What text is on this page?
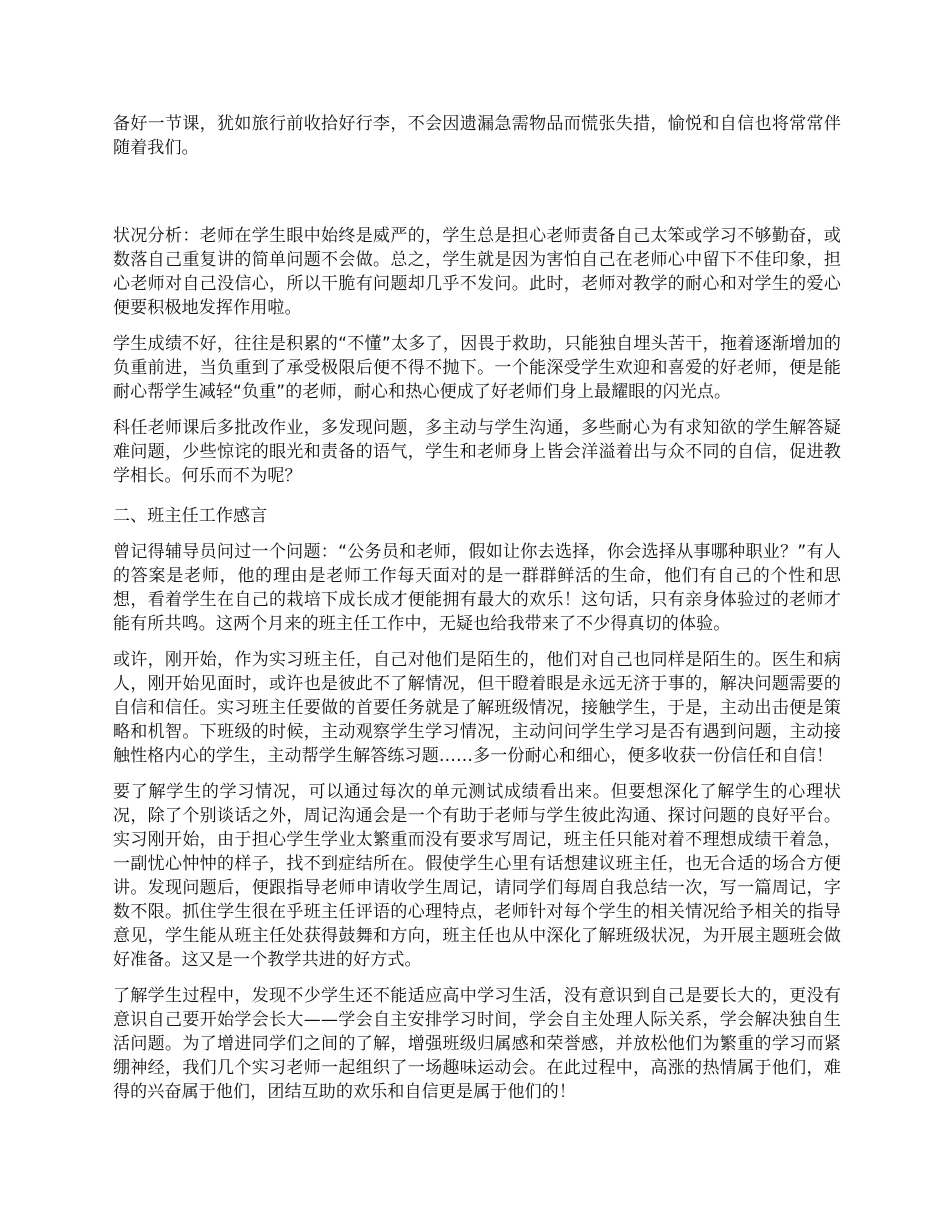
备好一节课，犹如旅行前收拾好行李，不会因遗漏急需物品而慌张失措，愉悦和自信也将常常伴随着我们。

状况分析：老师在学生眼中始终是威严的，学生总是担心老师责备自己太笨或学习不够勤奋，或数落自己重复讲的简单问题不会做。总之，学生就是因为害怕自己在老师心中留下不佳印象，担心老师对自己没信心，所以干脆有问题却几乎不发问。此时，老师对教学的耐心和对学生的爱心便要积极地发挥作用啦。

学生成绩不好，往往是积累的“不懂”太多了，因畏于救助，只能独自埋头苦干，拖着逐渐增加的负重前进，当负重到了承受极限后便不得不抛下。一个能深受学生欢迎和喜爱的好老师，便是能耐心帮学生减轻“负重”的老师，耐心和热心便成了好老师们身上最耀眼的闪光点。

科任老师课后多批改作业，多发现问题，多主动与学生沟通，多些耐心为有求知欲的学生解答疑难问题，少些惊诧的眼光和责备的语气，学生和老师身上皆会洋溢着出与众不同的自信，促进教学相长。何乐而不为呢？

二、班主任工作感言

曾记得辅导员问过一个问题：“公务员和老师，假如让你去选择，你会选择从事哪种职业？”有人的答案是老师，他的理由是老师工作每天面对的是一群群鲜活的生命，他们有自己的个性和思想，看着学生在自己的栽培下成长成才便能拥有最大的欢乐！这句话，只有亲身体验过的老师才能有所共鸣。这两个月来的班主任工作中，无疑也给我带来了不少得真切的体验。

或许，刚开始，作为实习班主任，自己对他们是陌生的，他们对自己也同样是陌生的。医生和病人，刚开始见面时，或许也是彼此不了解情况，但干瞪着眼是永远无济于事的，解决问题需要的自信和信任。实习班主任要做的首要任务就是了解班级情况，接触学生，于是，主动出击便是策略和机智。下班级的时候，主动观察学生学习情况，主动问问学生学习是否有遇到问题，主动接触性格内心的学生，主动帮学生解答练习题……多一份耐心和细心，便多收获一份信任和自信！

要了解学生的学习情况，可以通过每次的单元测试成绩看出来。但要想深化了解学生的心理状况，除了个别谈话之外，周记沟通会是一个有助于老师与学生彼此沟通、探讨问题的良好平台。实习刚开始，由于担心学生学业太繁重而没有要求写周记，班主任只能对着不理想成绩干着急，一副忧心忡忡的样子，找不到症结所在。假使学生心里有话想建议班主任，也无合适的场合方便讲。发现问题后，便跟指导老师申请收学生周记，请同学们每周自我总结一次，写一篇周记，字数不限。抓住学生很在乎班主任评语的心理特点，老师针对每个学生的相关情况给予相关的指导意见，学生能从班主任处获得鼓舞和方向，班主任也从中深化了解班级状况，为开展主题班会做好准备。这又是一个教学共进的好方式。

了解学生过程中，发现不少学生还不能适应高中学习生活，没有意识到自己是要长大的，更没有意识自己要开始学会长大——学会自主安排学习时间，学会自主处理人际关系，学会解决独自生活问题。为了增进同学们之间的了解，增强班级归属感和荣誉感，并放松他们为繁重的学习而紧绷神经，我们几个实习老师一起组织了一场趣味运动会。在此过程中，高涨的热情属于他们，难得的兴奋属于他们，团结互助的欢乐和自信更是属于他们的！
